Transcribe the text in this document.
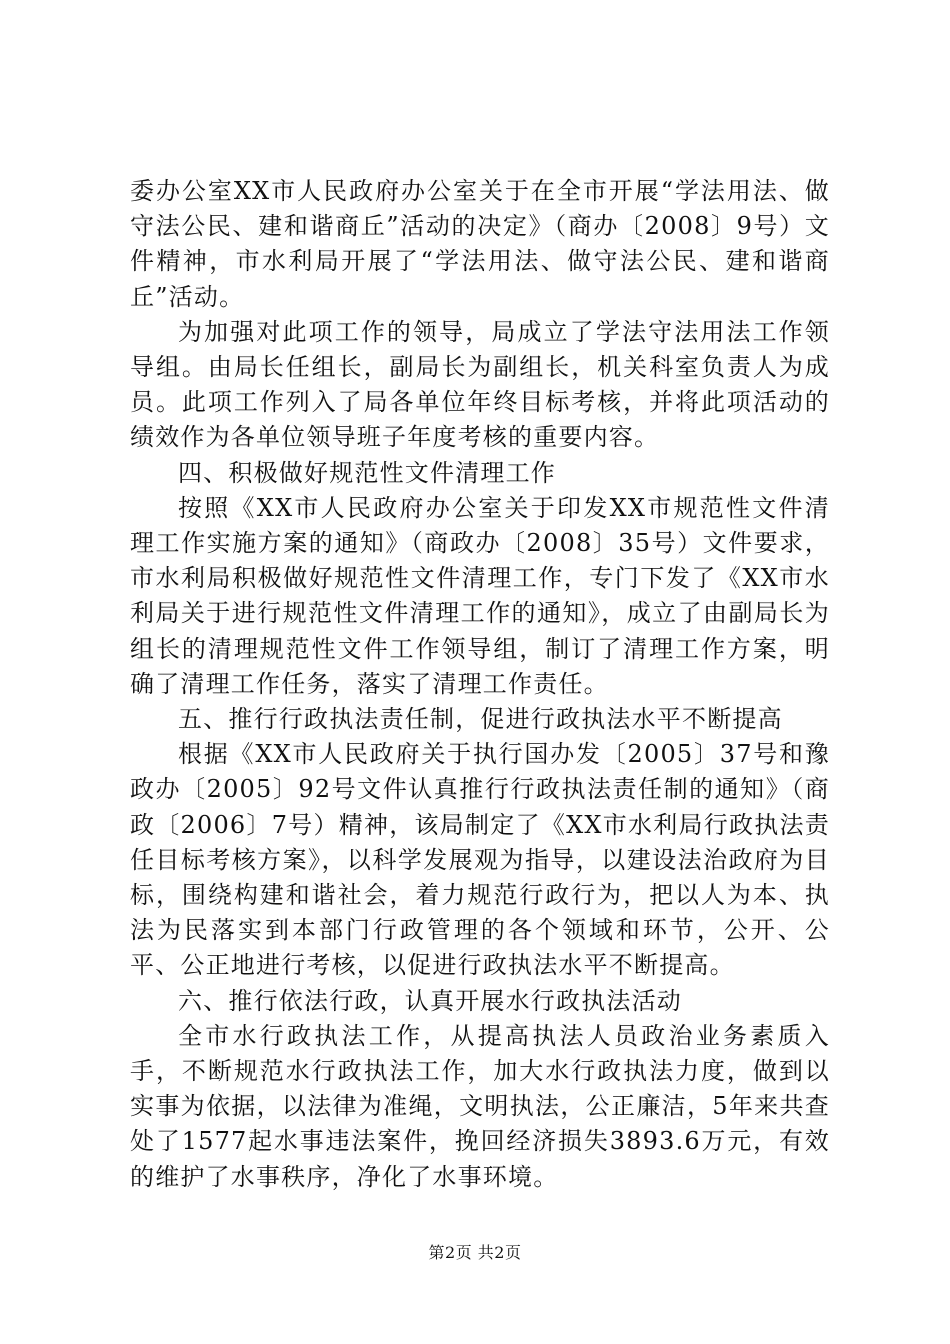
委办公室XX市人民政府办公室关于在全市开展“学法用法、做守法公民、建和谐商丘”活动的决定》（商办〔2008〕9号）文件精神，市水利局开展了“学法用法、做守法公民、建和谐商丘”活动。

为加强对此项工作的领导，局成立了学法守法用法工作领导组。由局长任组长，副局长为副组长，机关科室负责人为成员。此项工作列入了局各单位年终目标考核，并将此项活动的绩效作为各单位领导班子年度考核的重要内容。

四、积极做好规范性文件清理工作

按照《XX市人民政府办公室关于印发XX市规范性文件清理工作实施方案的通知》（商政办〔2008〕35号）文件要求，市水利局积极做好规范性文件清理工作，专门下发了《XX市水利局关于进行规范性文件清理工作的通知》，成立了由副局长为组长的清理规范性文件工作领导组，制订了清理工作方案，明确了清理工作任务，落实了清理工作责任。

五、推行行政执法责任制，促进行政执法水平不断提高

根据《XX市人民政府关于执行国办发〔2005〕37号和豫政办〔2005〕92号文件认真推行行政执法责任制的通知》（商政〔2006〕7号）精神，该局制定了《XX市水利局行政执法责任目标考核方案》，以科学发展观为指导，以建设法治政府为目标，围绕构建和谐社会，着力规范行政行为，把以人为本、执法为民落实到本部门行政管理的各个领域和环节，公开、公平、公正地进行考核，以促进行政执法水平不断提高。

六、推行依法行政，认真开展水行政执法活动

全市水行政执法工作，从提高执法人员政治业务素质入手，不断规范水行政执法工作，加大水行政执法力度，做到以实事为依据，以法律为准绳，文明执法，公正廉洁，5年来共查处了1577起水事违法案件，挽回经济损失3893.6万元，有效的维护了水事秩序，净化了水事环境。

第2页 共2页
